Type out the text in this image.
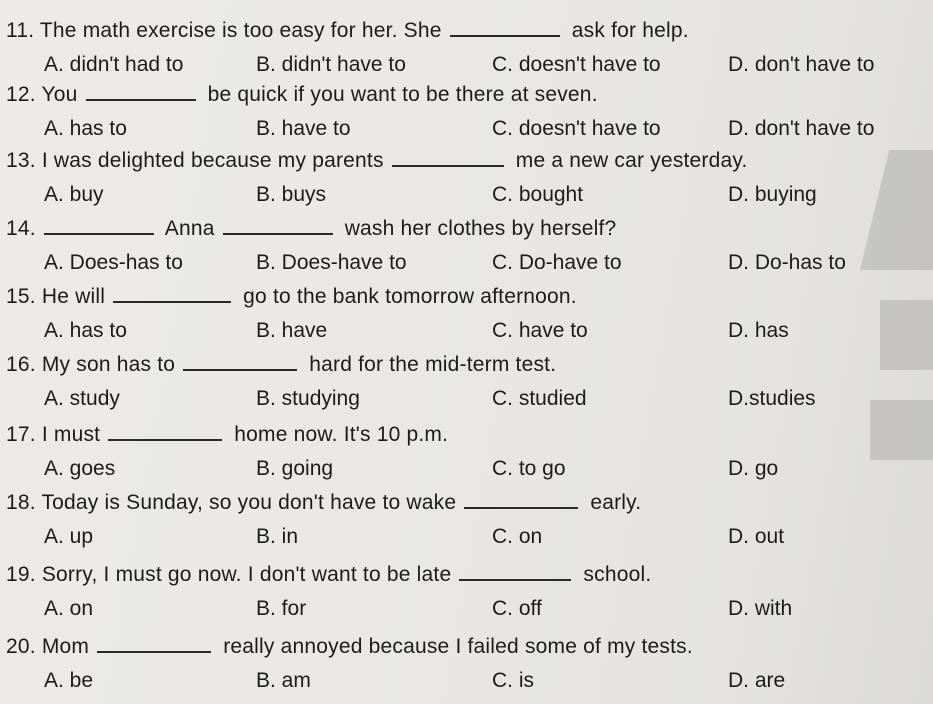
11. The math exercise is too easy for her. She	ask for help.
A. didn't had to	B. didn't have to	C. doesn't have to	D. don't have to
12. You	be quick if you want to be there at seven.
A. has to	B. have to	C. doesn't have to	D. don't have to
13. I was delighted because my parents	me a new car yesterday.
A. buy	B. buys	C. bought	D. buying
14.	Anna	wash her clothes by herself?
A. Does-has to	B. Does-have to	C. Do-have to	D. Do-has to
15. He will	go to the bank tomorrow afternoon.
A. has to	B. have	C. have to	D. has
16. My son has to	hard for the mid-term test.
A. study	B. studying	C. studied	D.studies
17. I must	home now. It's 10 p.m.
A. goes	B. going	C. to go	D. go
18. Today is Sunday, so you don't have to wake	early.
A. up	B. in	C. on	D. out
19. Sorry, I must go now. I don't want to be late	school.
A. on	B. for	C. off	D. with
20. Mom	really annoyed because I failed some of my tests.
A. be	B. am	C. is	D. are
